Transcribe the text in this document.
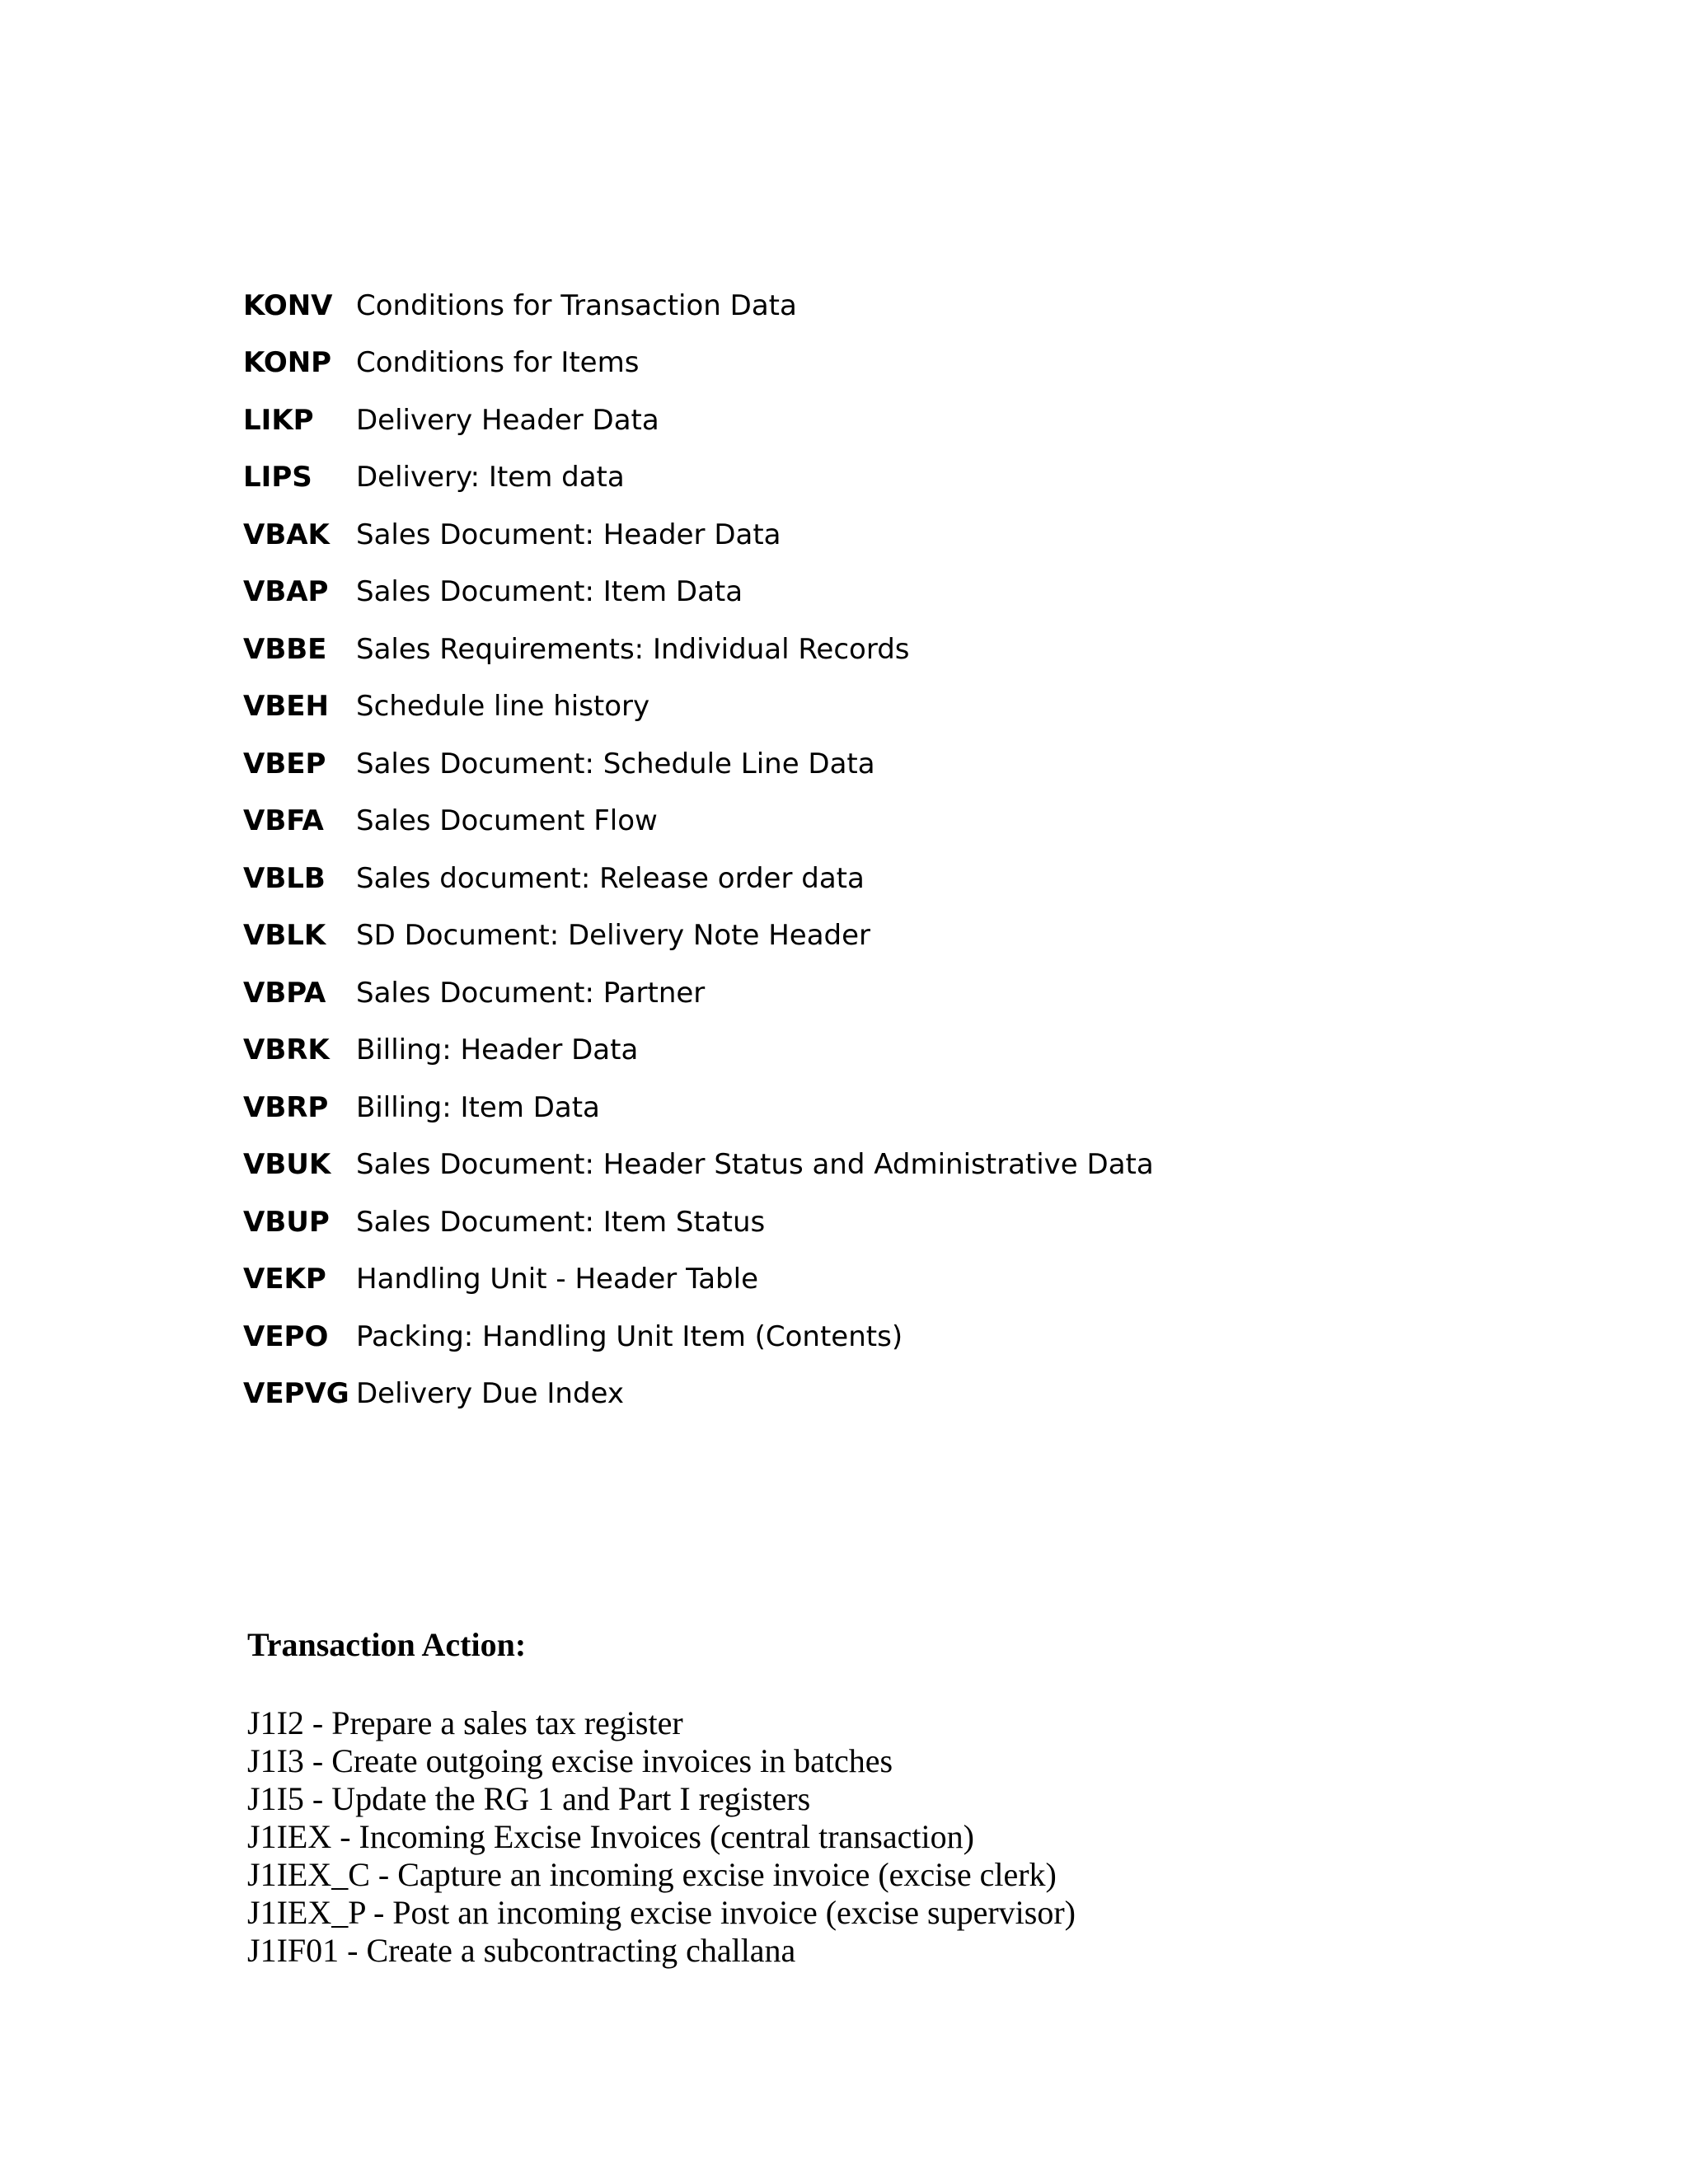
KONV Conditions for Transaction Data
KONP Conditions for Items
LIKP	Delivery Header Data
LIPS	Delivery: Item data
VBAK Sales Document: Header Data
VBAP Sales Document: Item Data
VBBE	Sales Requirements: Individual Records
VBEH Schedule line history
VBEP	Sales Document: Schedule Line Data
VBFA	Sales Document Flow
VBLB	Sales document: Release order data
VBLK	SD Document: Delivery Note Header
VBPA	Sales Document: Partner
VBRK Billing: Header Data
VBRP Billing: Item Data
VBUK Sales Document: Header Status and Administrative Data
VBUP Sales Document: Item Status
VEKP	Handling Unit - Header Table
VEPO Packing: Handling Unit Item (Contents)
VEPVG Delivery Due Index
Transaction Action:
J1I2 - Prepare a sales tax register
J1I3 - Create outgoing excise invoices in batches
J1I5 - Update the RG 1 and Part I registers
J1IEX - Incoming Excise Invoices (central transaction)
J1IEX_C - Capture an incoming excise invoice (excise clerk)
J1IEX_P - Post an incoming excise invoice (excise supervisor)
J1IF01 - Create a subcontracting challana
